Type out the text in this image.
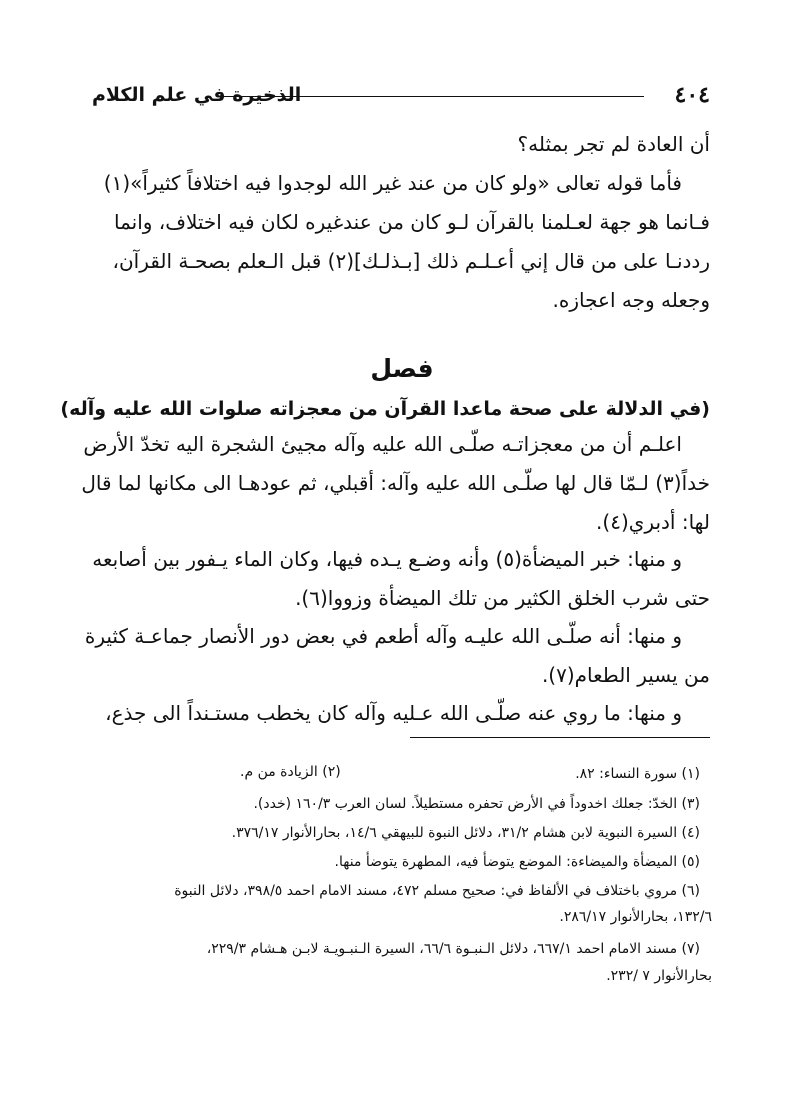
٤٠٤
الذخيرة في علم الكلام
أن العادة لم تجر بمثله؟
فأما قوله تعالى «ولو كان من عند غير الله لوجدوا فيه اختلافاً كثيراً»(١)
فـانما هو جهة لعـلمنا بالقرآن لـو كان من عندغيره لكان فيه اختلاف، وانما
رددنـا على من قال إني أعـلـم ذلك [بـذلـك](٢) قبل الـعلم بصحـة القرآن،
وجعله وجه اعجازه.
فصل
(في الدلالة على صحة ماعدا القرآن من معجزاته صلوات الله عليه وآله)
اعلـم أن من معجزاتـه صلّـى الله عليه وآله مجيئ الشجرة اليه تخدّ الأرض
خداً(٣) لـمّا قال لها صلّـى الله عليه وآله: أقبلي، ثم عودهـا الى مكانها لما قال
لها: أدبري(٤).
و منها: خبر الميضأة(٥) وأنه وضـع يـده فيها، وكان الماء يـفور بين أصابعه
حتى شرب الخلق الكثير من تلك الميضأة وزووا(٦).
و منها: أنه صلّـى الله عليـه وآله أطعم في بعض دور الأنصار جماعـة كثيرة
من يسير الطعام(٧).
و منها: ما روي عنه صلّـى الله عـليه وآله كان يخطب مستـنداً الى جذع،
(١) سورة النساء: ٨٢.
(٢) الزيادة من م.
(٣) الخدّ: جعلك اخدوداً في الأرض تحفره مستطيلاً. لسان العرب ١٦٠/٣ (خدد).
(٤) السيرة النبوية لابن هشام ٣١/٢، دلائل النبوة للبيهقي ١٤/٦، بحارالأنوار ٣٧٦/١٧.
(٥) الميضأة والميضاءة: الموضع يتوضأ فيه، المطهرة يتوضأ منها.
(٦) مروي باختلاف في الألفاظ في: صحيح مسلم ٤٧٢، مسند الامام احمد ٣٩٨/٥، دلائل النبوة
١٣٢/٦، بحارالأنوار ٢٨٦/١٧.
(٧) مسند الامام احمد ٦٦٧/١، دلائل الـنبـوة ٦٦/٦، السيرة الـنبـويـة لابـن هـشام ٢٢٩/٣،
بحارالأنوار ٧ /٢٣٢.
